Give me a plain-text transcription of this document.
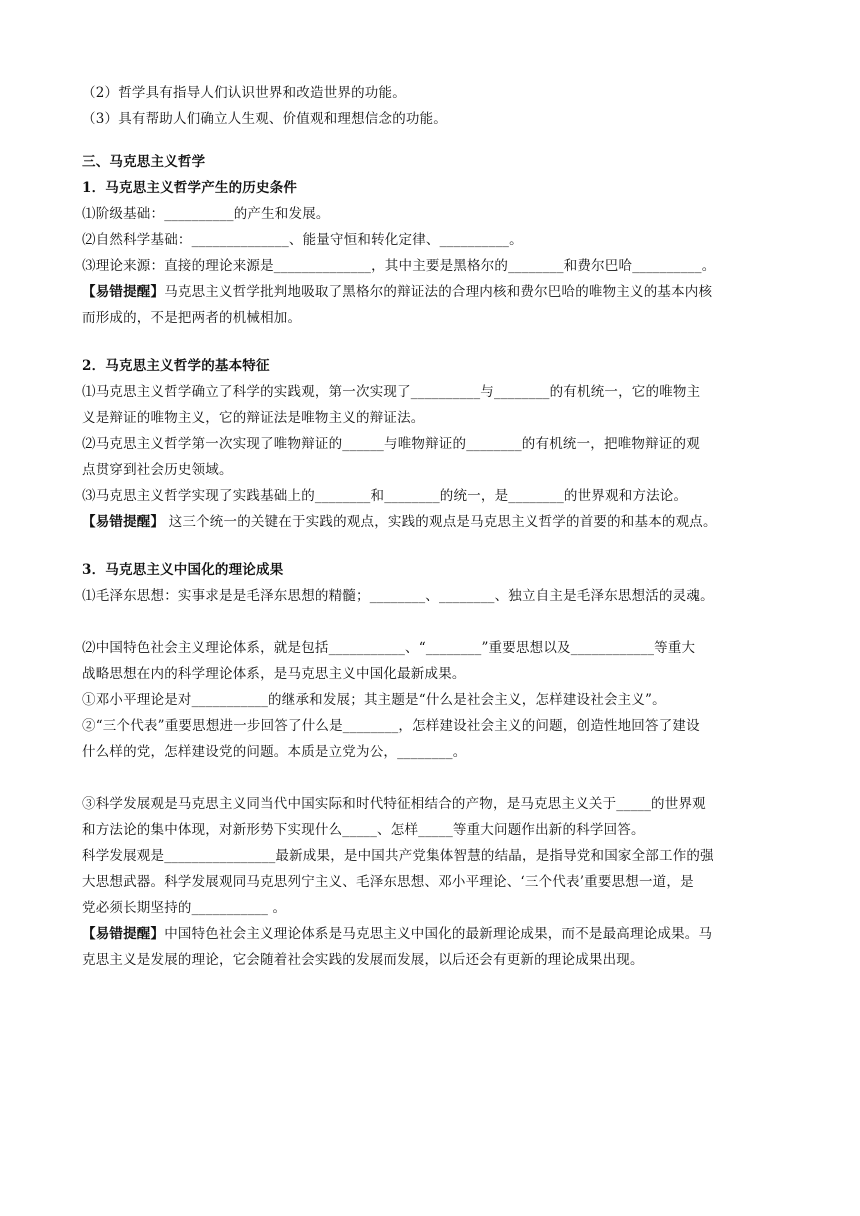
（2）哲学具有指导人们认识世界和改造世界的功能。

（3）具有帮助人们确立人生观、价值观和理想信念的功能。

三、马克思主义哲学

1．马克思主义哲学产生的历史条件

⑴阶级基础：__________的产生和发展。

⑵自然科学基础：______________、能量守恒和转化定律、__________。

⑶理论来源：直接的理论来源是______________，其中主要是黑格尔的________和费尔巴哈__________。

【易错提醒】马克思主义哲学批判地吸取了黑格尔的辩证法的合理内核和费尔巴哈的唯物主义的基本内核

而形成的，不是把两者的机械相加。

2．马克思主义哲学的基本特征

⑴马克思主义哲学确立了科学的实践观，第一次实现了__________与________的有机统一，它的唯物主

义是辩证的唯物主义，它的辩证法是唯物主义的辩证法。

⑵马克思主义哲学第一次实现了唯物辩证的______与唯物辩证的________的有机统一，把唯物辩证的观

点贯穿到社会历史领域。

⑶马克思主义哲学实现了实践基础上的________和________的统一，是________的世界观和方法论。

【易错提醒】 这三个统一的关键在于实践的观点，实践的观点是马克思主义哲学的首要的和基本的观点。

3．马克思主义中国化的理论成果

⑴毛泽东思想：实事求是是毛泽东思想的精髓；________、________、独立自主是毛泽东思想活的灵魂。

⑵中国特色社会主义理论体系，就是包括___________、“________”重要思想以及____________等重大

战略思想在内的科学理论体系，是马克思主义中国化最新成果。

①邓小平理论是对___________的继承和发展；其主题是“什么是社会主义，怎样建设社会主义”。

②“三个代表”重要思想进一步回答了什么是________，怎样建设社会主义的问题，创造性地回答了建设

什么样的党，怎样建设党的问题。本质是立党为公，________。

③科学发展观是马克思主义同当代中国实际和时代特征相结合的产物，是马克思主义关于_____的世界观

和方法论的集中体现，对新形势下实现什么_____、怎样_____等重大问题作出新的科学回答。

科学发展观是________________最新成果，是中国共产党集体智慧的结晶，是指导党和国家全部工作的强

大思想武器。科学发展观同马克思列宁主义、毛泽东思想、邓小平理论、‘三个代表’重要思想一道，是

党必须长期坚持的___________ 。

【易错提醒】中国特色社会主义理论体系是马克思主义中国化的最新理论成果，而不是最高理论成果。马

克思主义是发展的理论，它会随着社会实践的发展而发展，以后还会有更新的理论成果出现。
